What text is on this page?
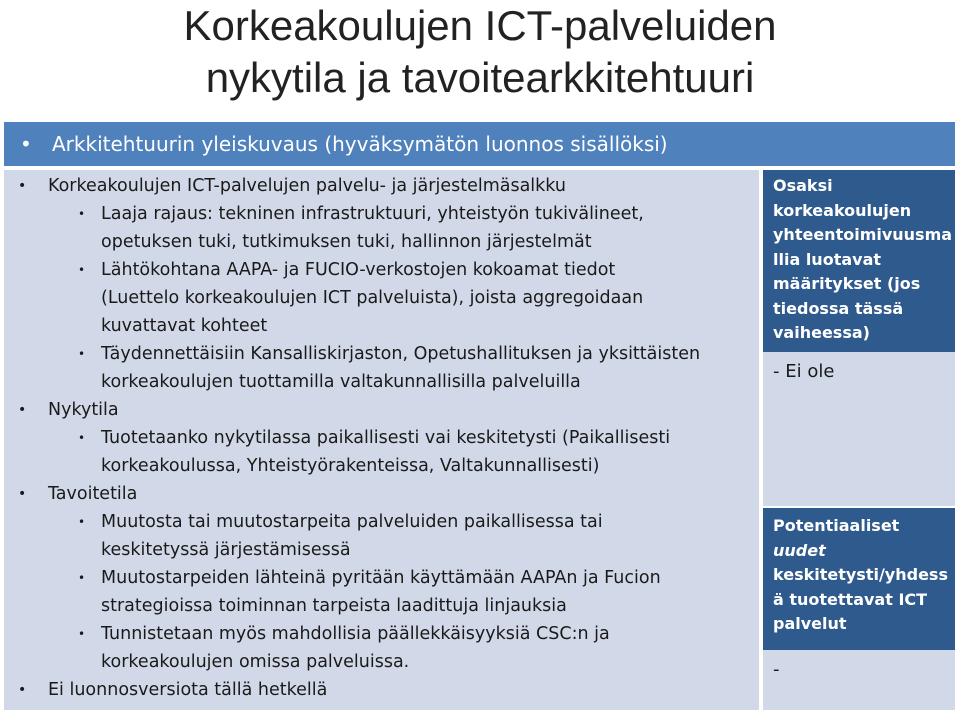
Korkeakoulujen ICT-palveluiden
nykytila ja tavoitearkkitehtuuri
• Arkkitehtuurin yleiskuvaus (hyväksymätön luonnos sisällöksi)
• Korkeakoulujen ICT-palvelujen palvelu- ja järjestelmäsalkku
• Laaja rajaus: tekninen infrastruktuuri, yhteistyön tukivälineet,
opetuksen tuki, tutkimuksen tuki, hallinnon järjestelmät
• Lähtökohtana AAPA- ja FUCIO-verkostojen kokoamat tiedot
(Luettelo korkeakoulujen ICT palveluista), joista aggregoidaan
kuvattavat kohteet
• Täydennettäisiin Kansalliskirjaston, Opetushallituksen ja yksittäisten
korkeakoulujen tuottamilla valtakunnallisilla palveluilla
• Nykytila
• Tuotetaanko nykytilassa paikallisesti vai keskitetysti (Paikallisesti
korkeakoulussa, Yhteistyörakenteissa, Valtakunnallisesti)
• Tavoitetila
• Muutosta tai muutostarpeita palveluiden paikallisessa tai
keskitetyssä järjestämisessä
• Muutostarpeiden lähteinä pyritään käyttämään AAPAn ja Fucion
strategioissa toiminnan tarpeista laadittuja linjauksia
• Tunnistetaan myös mahdollisia päällekkäisyyksiä CSC:n ja
korkeakoulujen omissa palveluissa.
• Ei luonnosversiota tällä hetkellä
Osaksi
korkeakoulujen
yhteentoimivuusma
llia luotavat
määritykset (jos
tiedossa tässä
vaiheessa)
- Ei ole
Potentiaaliset
uudet
keskitetysti/yhdess
ä tuotettavat ICT
palvelut
-
